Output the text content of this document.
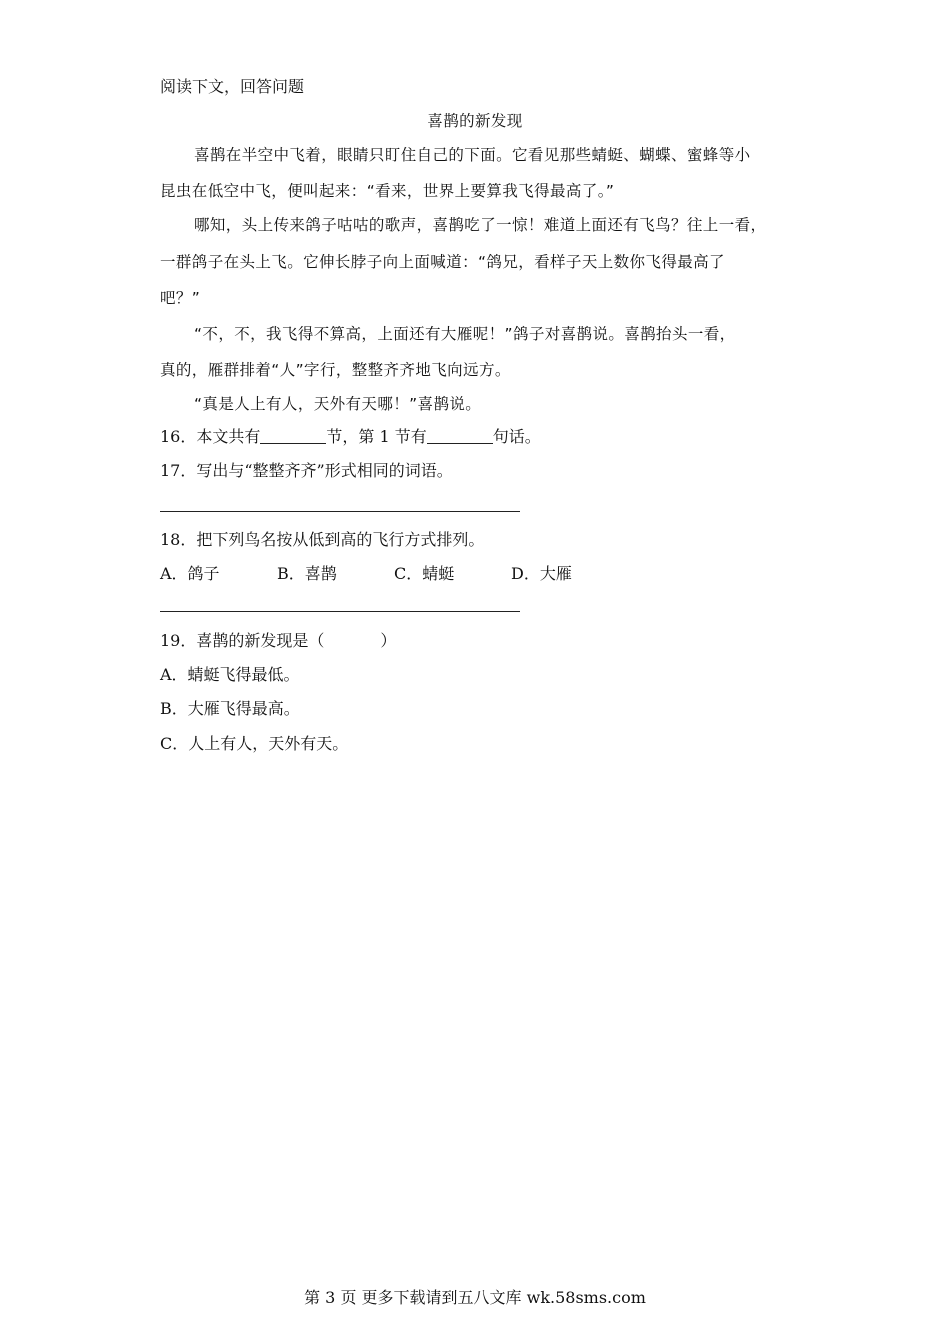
阅读下文，回答问题
喜鹊的新发现
喜鹊在半空中飞着，眼睛只盯住自己的下面。它看见那些蜻蜓、蝴蝶、蜜蜂等小
昆虫在低空中飞，便叫起来：“看来，世界上要算我飞得最高了。”
哪知，头上传来鸽子咕咕的歌声，喜鹊吃了一惊！难道上面还有飞鸟？往上一看，
一群鸽子在头上飞。它伸长脖子向上面喊道：“鸽兄，看样子天上数你飞得最高了
吧？”
“不，不，我飞得不算高，上面还有大雁呢！”鸽子对喜鹊说。喜鹊抬头一看，
真的，雁群排着“人”字行，整整齐齐地飞向远方。
“真是人上有人，天外有天哪！”喜鹊说。
16．本文共有	节，第 1 节有	句话。
17．写出与“整整齐齐”形式相同的词语。
18．把下列鸟名按从低到高的飞行方式排列。
A．鸽子	B．喜鹊	C．蜻蜓	D．大雁
19．喜鹊的新发现是（	）
A．蜻蜓飞得最低。
B．大雁飞得最高。
C．人上有人，天外有天。
第 3 页 更多下载请到五八文库 wk.58sms.com
